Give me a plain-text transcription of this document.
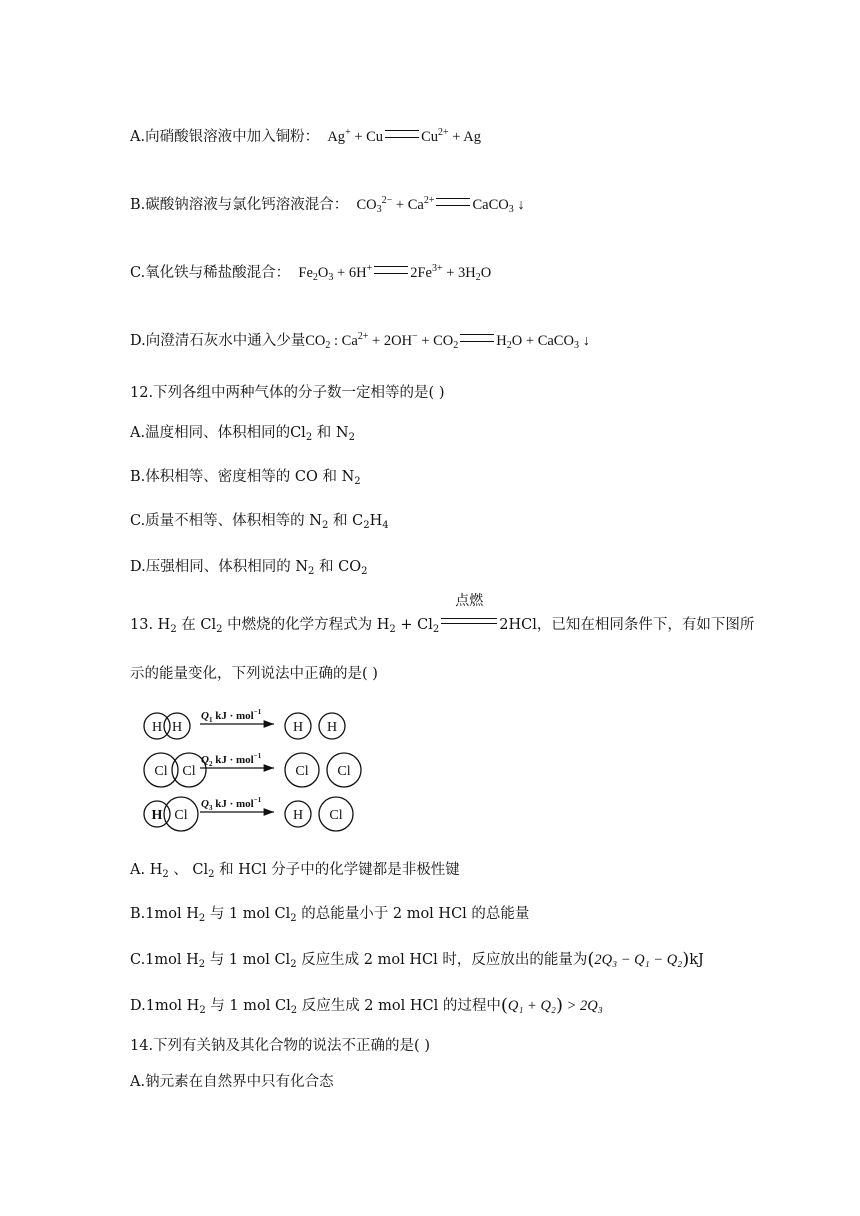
A.向硝酸银溶液中加入铜粉： Ag+ + Cu	$Cu^{2+} + Ag$
B.碳酸钠溶液与氯化钙溶液混合： $CO_3^{2-} + Ca^{2+}$	CaCO$_3$ ↓
C.氧化铁与稀盐酸混合： $Fe_2O_3 + 6H^+$	$2Fe^{3+} + 3H_2O$
D.向澄清石灰水中通入少量$CO_2$ : $Ca^{2+} + 2OH^- + CO_2$	$H_2O$ + CaCO$_3$ ↓
12.下列各组中两种气体的分子数一定相等的是( )
A.温度相同、体积相同的$Cl_2$ 和 $N_2$
B.体积相等、密度相等的 CO 和 $N_2$
C.质量不相等、体积相等的 $N_2$ 和 $C_2H_4$
D.压强相同、体积相同的 $N_2$ 和 $CO_2$
13. $H_2$ 在 $Cl_2$ 中燃烧的化学方程式为 $H_2 + Cl_2$
点燃
2HCl，已知在相同条件下，有如下图所
示的能量变化，下列说法中正确的是( )
H H
$Q_1$ kJ · mol$^{-1}$
H H
Cl Cl
$Q_2$ kJ · mol$^{-1}$
Cl Cl
H Cl
$Q_3$ kJ · mol$^{-1}$
H Cl
A. $H_2$ 、 $Cl_2$ 和 HCl 分子中的化学键都是非极性键
B.1mol $H_2$ 与 1 mol $Cl_2$ 的总能量小于 2 mol HCl 的总能量
C.1mol $H_2$ 与 1 mol $Cl_2$ 反应生成 2 mol HCl 时，反应放出的能量为(2Q₃ − Q₁ − Q₂)kJ
D.1mol $H_2$ 与 1 mol $Cl_2$ 反应生成 2 mol HCl 的过程中(Q₁ + Q₂) > 2Q₃
14.下列有关钠及其化合物的说法不正确的是( )
A.钠元素在自然界中只有化合态
